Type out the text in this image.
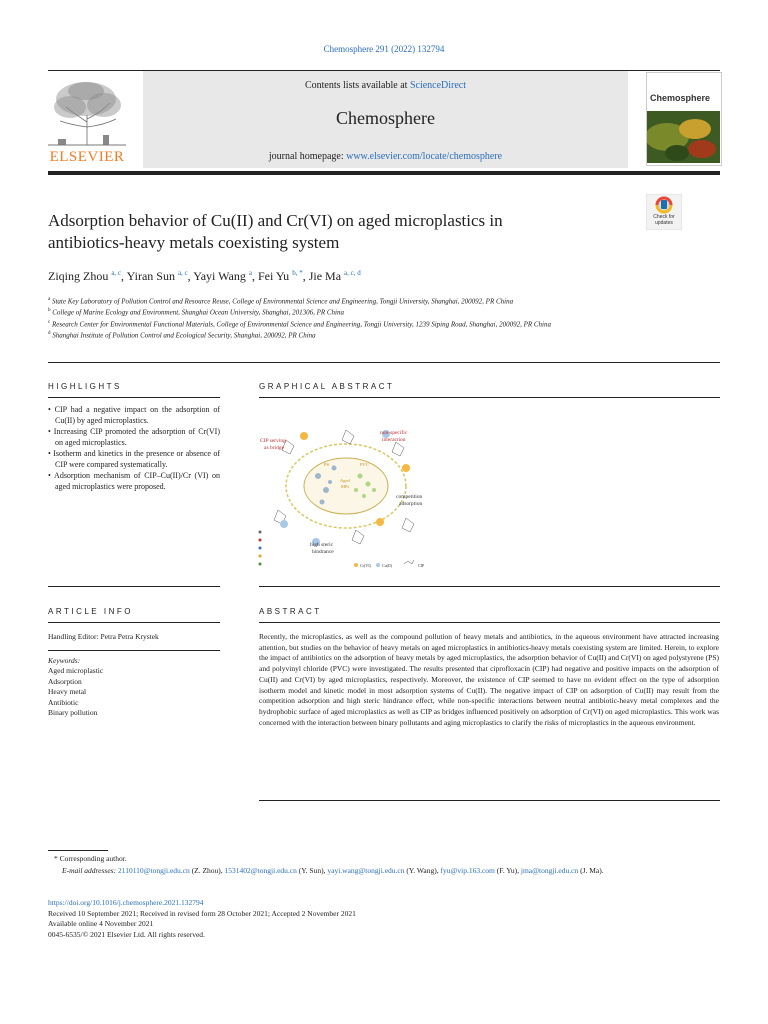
Chemosphere 291 (2022) 132794
ELSEVIER
Contents lists available at ScienceDirect
Chemosphere
journal homepage: www.elsevier.com/locate/chemosphere
Chemosphere
Adsorption behavior of Cu(II) and Cr(VI) on aged microplastics in
antibiotics-heavy metals coexisting system
Check for updates
Ziqing Zhou $^{a, c}$, Yiran Sun $^{a, c}$, Yayi Wang $^a$, Fei Yu $^{b, *}$, Jie Ma $^{a, c, d}$
$^a$ State Key Laboratory of Pollution Control and Resource Reuse, College of Environmental Science and Engineering, Tongji University, Shanghai, 200092, PR China
$^b$ College of Marine Ecology and Environment, Shanghai Ocean University, Shanghai, 201306, PR China
$^c$ Research Center for Environmental Functional Materials, College of Environmental Science and Engineering, Tongji University, 1239 Siping Road, Shanghai, 200092, PR China
$^d$ Shanghai Institute of Pollution Control and Ecological Security, Shanghai, 200092, PR China
HIGHLIGHTS	GRAPHICAL ABSTRACT
• CIP had a negative impact on the adsorption of Cu(II) by aged microplastics.
• Increasing CIP promoted the adsorption of Cr(VI) on aged microplastics.
• Isotherm and kinetics in the presence or absence of CIP were compared systematically.
• Adsorption mechanism of CIP–Cu(II)/Cr (VI) on aged microplastics were proposed.
CIP serving
as bridge
non-specific
interaction
competition
adsorption
high steric
hindrance
PS	PVC
Aged
MPs
Cr(VI)	Cu(II)	CIP
ARTICLE INFO	ABSTRACT
Handling Editor: Petra Petra Krystek
Keywords:
Aged microplastic
Adsorption
Heavy metal
Antibiotic
Binary pollution
Recently, the microplastics, as well as the compound pollution of heavy metals and antibiotics, in the aqueous environment have attracted increasing attention, but studies on the behavior of heavy metals on aged microplastics in antibiotics-heavy metals coexisting system are limited. Herein, to explore the impact of antibiotics on the adsorption of heavy metals by aged microplastics, the adsorption behavior of Cu(II) and Cr(VI) on aged polystyrene (PS) and polyvinyl chloride (PVC) were investigated. The results presented that ciprofloxacin (CIP) had negative and positive impacts on the adsorption of Cu(II) and Cr(VI) by aged microplastics, respectively. Moreover, the existence of CIP seemed to have no evident effect on the type of adsorption isotherm model and kinetic model in most adsorption systems of Cu(II). The negative impact of CIP on adsorption of Cu(II) may result from the competition adsorption and high steric hindrance effect, while non-specific interactions between neutral antibiotic-heavy metal complexes and the hydrophobic surface of aged microplastics as well as CIP as bridges influenced positively on adsorption of Cr(VI) on aged microplastics. This work was concerned with the interaction between binary pollutants and aging microplastics to clarify the risks of microplastics in the aqueous environment.
* Corresponding author.
E-mail addresses: 2110110@tongji.edu.cn (Z. Zhou), 1531402@tongji.edu.cn (Y. Sun), yayi.wang@tongji.edu.cn (Y. Wang), fyu@vip.163.com (F. Yu), jma@tongji.edu.cn (J. Ma).
https://doi.org/10.1016/j.chemosphere.2021.132794
Received 10 September 2021; Received in revised form 28 October 2021; Accepted 2 November 2021
Available online 4 November 2021
0045-6535/© 2021 Elsevier Ltd. All rights reserved.
